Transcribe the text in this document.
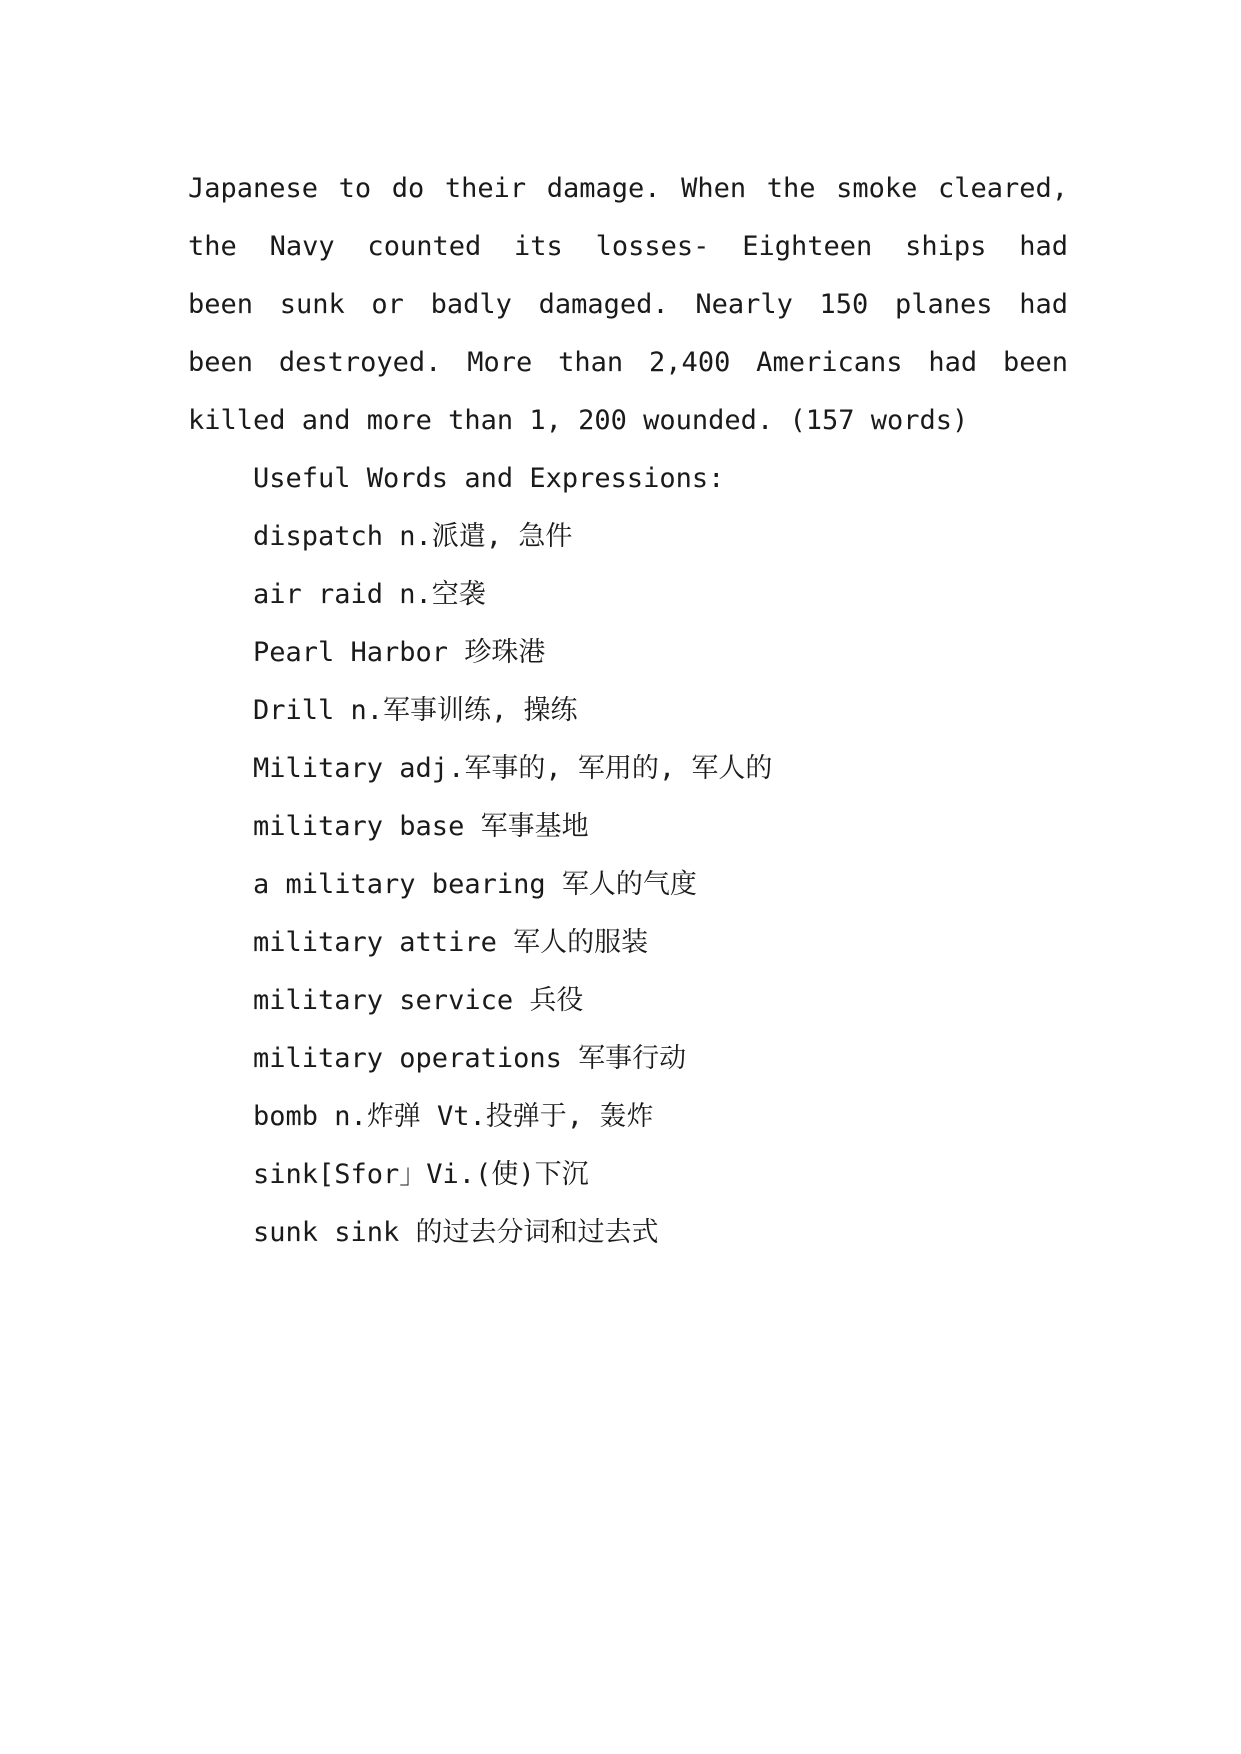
Japanese to do their damage. When the smoke cleared,
the Navy counted its losses- Eighteen ships had
been sunk or badly damaged. Nearly 150 planes had
been destroyed. More than 2,400 Americans had been
killed and more than 1, 200 wounded. (157 words)
Useful Words and Expressions:
dispatch n.派遣, 急件
air raid n.空袭
Pearl Harbor 珍珠港
Drill n.军事训练, 操练
Military adj.军事的, 军用的, 军人的
military base 军事基地
a military bearing 军人的气度
military attire 军人的服装
military service 兵役
military operations 军事行动
bomb n.炸弹 Vt.投弹于, 轰炸
sink[Sfor」Vi.(使)下沉
sunk sink 的过去分词和过去式
